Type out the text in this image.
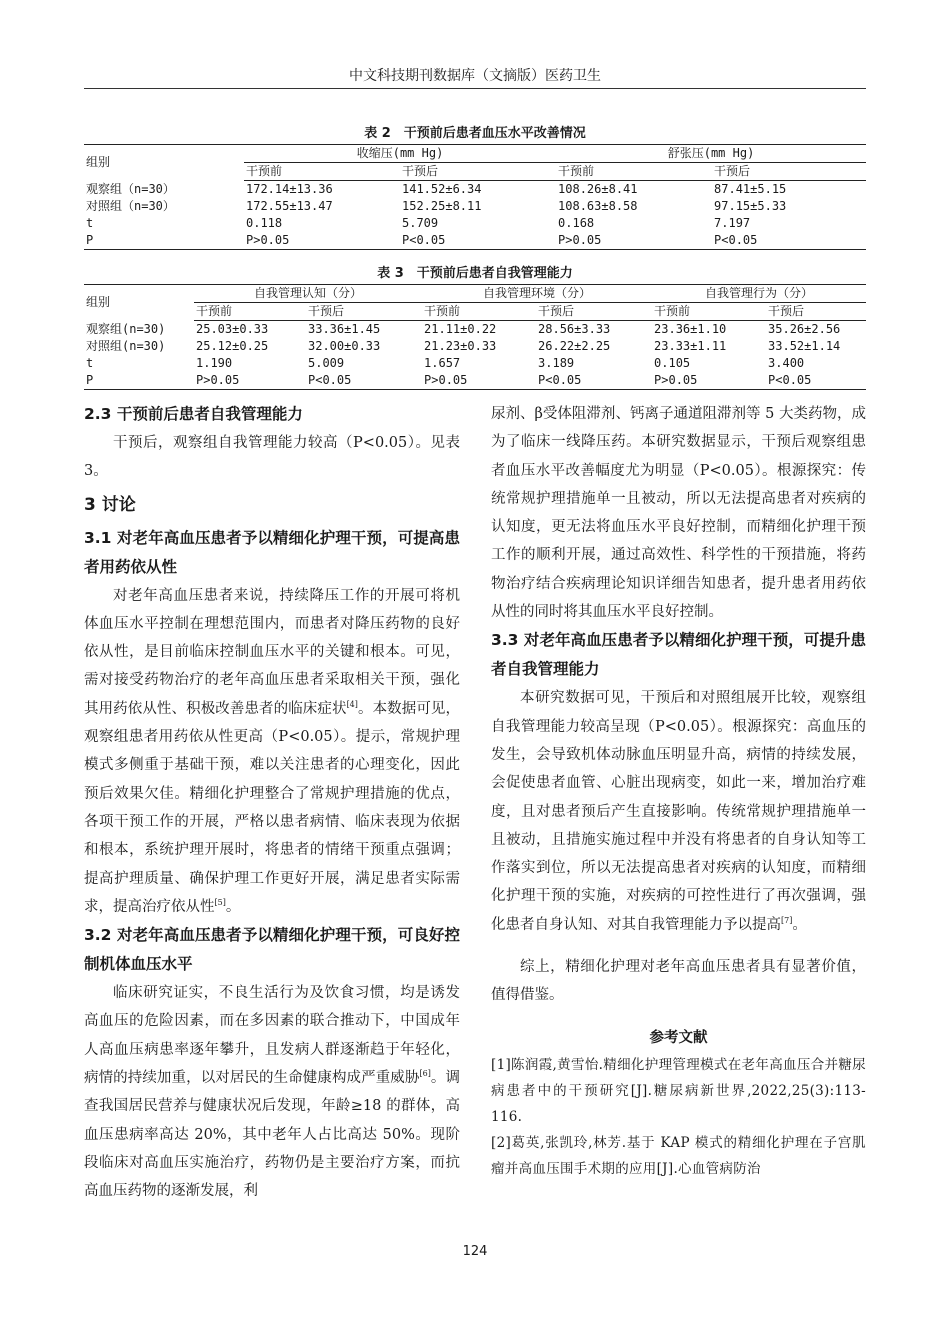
中文科技期刊数据库（文摘版）医药卫生
表 2　干预前后患者血压水平改善情况
组别	收缩压(mm Hg)		舒张压(mm Hg)	
	干预前	干预后	干预前	干预后
观察组（n=30）	172.14±13.36	141.52±6.34	108.26±8.41	87.41±5.15
对照组（n=30）	172.55±13.47	152.25±8.11	108.63±8.58	97.15±5.33
t	0.118	5.709	0.168	7.197
P	P>0.05	P<0.05	P>0.05	P<0.05
表 3　干预前后患者自我管理能力
组别	自我管理认知（分）		自我管理环境（分）		自我管理行为（分）	
	干预前	干预后	干预前	干预后	干预前	干预后
观察组(n=30)	25.03±0.33	33.36±1.45	21.11±0.22	28.56±3.33	23.36±1.10	35.26±2.56
对照组(n=30)	25.12±0.25	32.00±0.33	21.23±0.33	26.22±2.25	23.33±1.11	33.52±1.14
t	1.190	5.009	1.657	3.189	0.105	3.400
P	P>0.05	P<0.05	P>0.05	P<0.05	P>0.05	P<0.05
2.3 干预前后患者自我管理能力

干预后，观察组自我管理能力较高（P<0.05）。见表 3。

3 讨论
3.1 对老年高血压患者予以精细化护理干预，可提高患者用药依从性

对老年高血压患者来说，持续降压工作的开展可将机体血压水平控制在理想范围内，而患者对降压药物的良好依从性，是目前临床控制血压水平的关键和根本。可见，需对接受药物治疗的老年高血压患者采取相关干预，强化其用药依从性、积极改善患者的临床症状[4]。本数据可见，观察组患者用药依从性更高（P<0.05）。提示，常规护理模式多侧重于基础干预，难以关注患者的心理变化，因此预后效果欠佳。精细化护理整合了常规护理措施的优点，各项干预工作的开展，严格以患者病情、临床表现为依据和根本，系统护理开展时，将患者的情绪干预重点强调；提高护理质量、确保护理工作更好开展，满足患者实际需求，提高治疗依从性[5]。

3.2 对老年高血压患者予以精细化护理干预，可良好控制机体血压水平

临床研究证实，不良生活行为及饮食习惯，均是诱发高血压的危险因素，而在多因素的联合推动下，中国成年人高血压病患率逐年攀升，且发病人群逐渐趋于年轻化，病情的持续加重，以对居民的生命健康构成严重威胁[6]。调查我国居民营养与健康状况后发现，年龄≥18 的群体，高血压患病率高达 20%，其中老年人占比高达 50%。现阶段临床对高血压实施治疗，药物仍是主要治疗方案，而抗高血压药物的逐渐发展，利

尿剂、β受体阻滞剂、钙离子通道阻滞剂等 5 大类药物，成为了临床一线降压药。本研究数据显示，干预后观察组患者血压水平改善幅度尤为明显（P<0.05）。根源探究：传统常规护理措施单一且被动，所以无法提高患者对疾病的认知度，更无法将血压水平良好控制，而精细化护理干预工作的顺利开展，通过高效性、科学性的干预措施，将药物治疗结合疾病理论知识详细告知患者，提升患者用药依从性的同时将其血压水平良好控制。

3.3 对老年高血压患者予以精细化护理干预，可提升患者自我管理能力

本研究数据可见，干预后和对照组展开比较，观察组自我管理能力较高呈现（P<0.05）。根源探究：高血压的发生，会导致机体动脉血压明显升高，病情的持续发展，会促使患者血管、心脏出现病变，如此一来，增加治疗难度，且对患者预后产生直接影响。传统常规护理措施单一且被动，且措施实施过程中并没有将患者的自身认知等工作落实到位，所以无法提高患者对疾病的认知度，而精细化护理干预的实施，对疾病的可控性进行了再次强调，强化患者自身认知、对其自我管理能力予以提高[7]。

综上，精细化护理对老年高血压患者具有显著价值，值得借鉴。

参考文献
[1]陈润霞,黄雪怡.精细化护理管理模式在老年高血压合并糖尿病患者中的干预研究[J].糖尿病新世界,2022,25(3):113-116.
[2]葛英,张凯玲,林芳.基于 KAP 模式的精细化护理在子宫肌瘤并高血压围手术期的应用[J].心血管病防治
124
